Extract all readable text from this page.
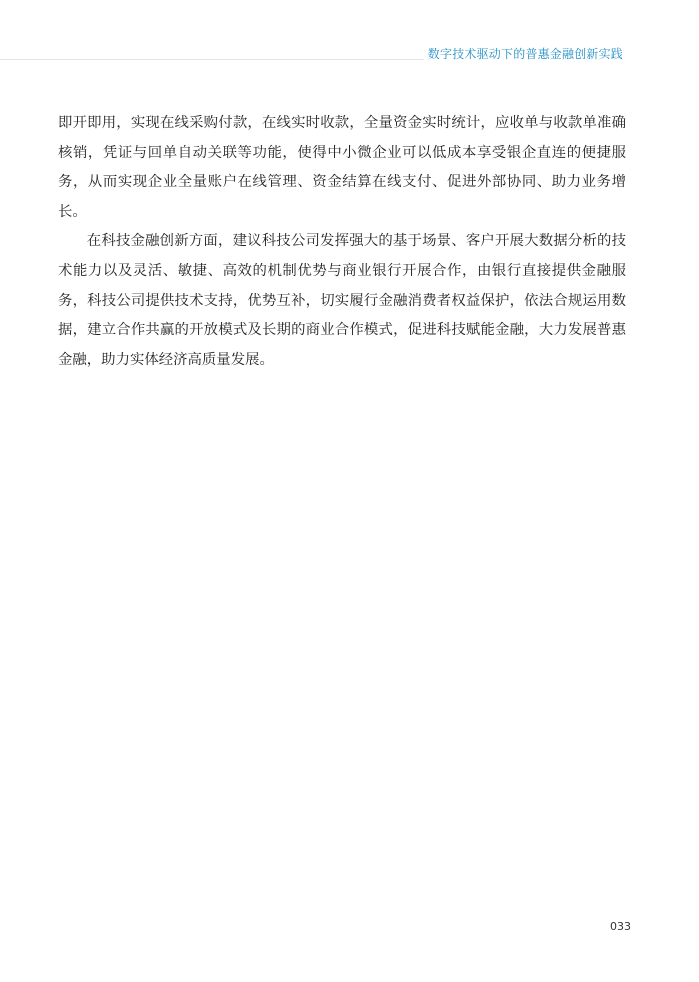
数字技术驱动下的普惠金融创新实践

即开即用，实现在线采购付款，在线实时收款，全量资金实时统计，应收单与收款单准确核销，凭证与回单自动关联等功能，使得中小微企业可以低成本享受银企直连的便捷服务，从而实现企业全量账户在线管理、资金结算在线支付、促进外部协同、助力业务增长。

在科技金融创新方面，建议科技公司发挥强大的基于场景、客户开展大数据分析的技术能力以及灵活、敏捷、高效的机制优势与商业银行开展合作，由银行直接提供金融服务，科技公司提供技术支持，优势互补，切实履行金融消费者权益保护，依法合规运用数据，建立合作共赢的开放模式及长期的商业合作模式，促进科技赋能金融，大力发展普惠金融，助力实体经济高质量发展。

033
